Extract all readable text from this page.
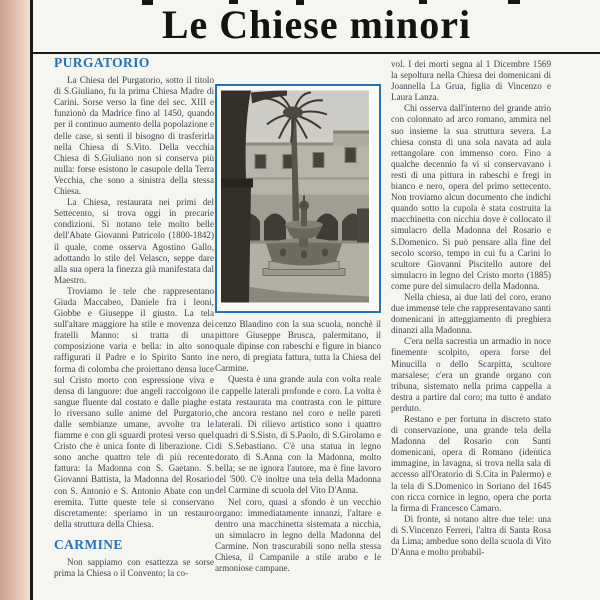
Le Chiese minori
PURGATORIO

La Chiesa del Purgatorio, sotto il titolo di S.Giuliano, fu la prima Chiesa Madre di Carini. Sorse verso la fine del sec. XIII e funzionò da Madrice fino al 1450, quando per il continuo aumento della popolazione e delle case, si sentì il bisogno di trasferirla nella Chiesa di S.Vito. Della vecchia Chiesa di S.Giuliano non si conserva più nulla: forse esistono le casupole della Terra Vecchia, che sono a sinistra della stessa Chiesa.

La Chiesa, restaurata nei primi del Settecento, si trova oggi in precarie condizioni. Si notano tele molto belle dell'Abate Giovanni Patricolo (1800-1842) il quale, come osserva Agostino Gallo, adottando lo stile del Velasco, seppe dare alla sua opera la finezza già manifestata dal Maestro.

Troviamo le tele che rappresentano Giuda Maccabeo, Daniele fra i leoni, Giobbe e Giuseppe il giusto. La tela sull'altare maggiore ha stile e movenza dei fratelli Manno: si tratta di una composizione varia e bella: in alto sono raffigurati il Padre e lo Spirito Santo in forma di colomba che proiettano densa luce sul Cristo morto con espressione viva e densa di languore: due angeli raccolgono il sangue fluente dal costato e dalle piaghe e lo riversano sulle anime del Purgatorio, dalle sembianze umane, avvolte tra le fiamme e con gli sguardi protesi verso quel Cristo che è unica fonte di liberazione. Ci sono anche quattro tele di più recente fattura: la Madonna con S. Gaetano. S. Giovanni Battista, la Madonna del Rosario con S. Antonio e S. Antonio Abate con un eremita. Tutte queste tele si conservano discretamente: speriamo in un restauro della struttura della Chiesa.

CARMINE

Non sappiamo con esattezza se sorse prima la Chiesa o il Convento; la co-

cenzo Blandino con la sua scuola, nonchè il pittore Giuseppe Brusca, palermitano, il quale dipinse con rabeschi e figure in bianco e nero, di pregiata fattura, tutta la Chiesa del Carmine.

Questa è una grande aula con volta reale e cappelle laterali profonde e coro. La volta è stata restaurata ma contrasta con le pitture che ancora restano nel coro e nelle pareti laterali. Di rilievo artistico sono i quattro quadri di S.Sisto, di S.Paolo, di S.Girolamo e di S.Sebastiano. C'è una statua in legno dorato di S.Anna con la Madonna, molto bella; se ne ignora l'autore, ma è fine lavoro del '500. C'è inoltre una tela della Madonna del Carmine di scuola del Vito D'Anna.

Nel coro, quasi a sfondo è un vecchio organo: immediatamente innanzi, l'altare e dentro una macchinetta sistemata a nicchia, un simulacro in legno della Madonna del Carmine. Non trascurabili sono nella stessa Chiesa, il Campanile a stile arabo e le armoniose campane.

vol. I dei morti segna al 1 Dicembre 1569 la sepoltura nella Chiesa dei domenicani di Joannella La Grua, figlia di Vincenzo e Laura Lanza.

Chi osserva dall'interno del grande atrio con colonnato ad arco romano, ammira nel suo insieme la sua struttura severa. La chiesa consta di una sola navata ad aula rettangolare con immenso coro. Fino a qualche decennio fa vi si conservavano i resti di una pittura in rabeschi e fregi in bianco e nero, opera del primo settecento. Non troviamo alcun documento che indichi quando sotto la cupola è stata costruita la macchinetta con nicchia dove è collocato il simulacro della Madonna del Rosario e S.Domenico. Si può pensare alla fine del secolo scorso, tempo in cui fu a Carini lo scultore Giovanni Piscitello autore del simulacro in legno del Cristo morto (1885) come pure del simulacro della Madonna.

Nella chiesa, ai due lati del coro, erano due immense tele che rappresentavano santi domenicani in atteggiamento di preghiera dinanzi alla Madonna.

C'era nella sacrestia un armadio in noce finemente scolpito, opera forse del Minucilla o dello Scarpitta, scultore marsalese; c'era un grande organo con tribuna, sistemato nella prima cappella a destra a partire dal coro; ma tutto è andato perduto.

Restano e per fortuna in discreto stato di conservazione, una grande tela della Madonna del Rosario con Santi domenicani, opera di Romano (identica immagine, in lavagna, si trova nella sala di accesso all'Oratorio di S.Cita in Palermo) e la tela di S.Domenico in Soriano del 1645 con ricca cornice in legno, opera che porta la firma di Francesco Camaro.

Di fronte, si notano altre due tele: una di S.Vincenzo Ferreri, l'altra di Santa Rosa da Lima; ambedue sono della scuola di Vito D'Anna e molto probabil-
